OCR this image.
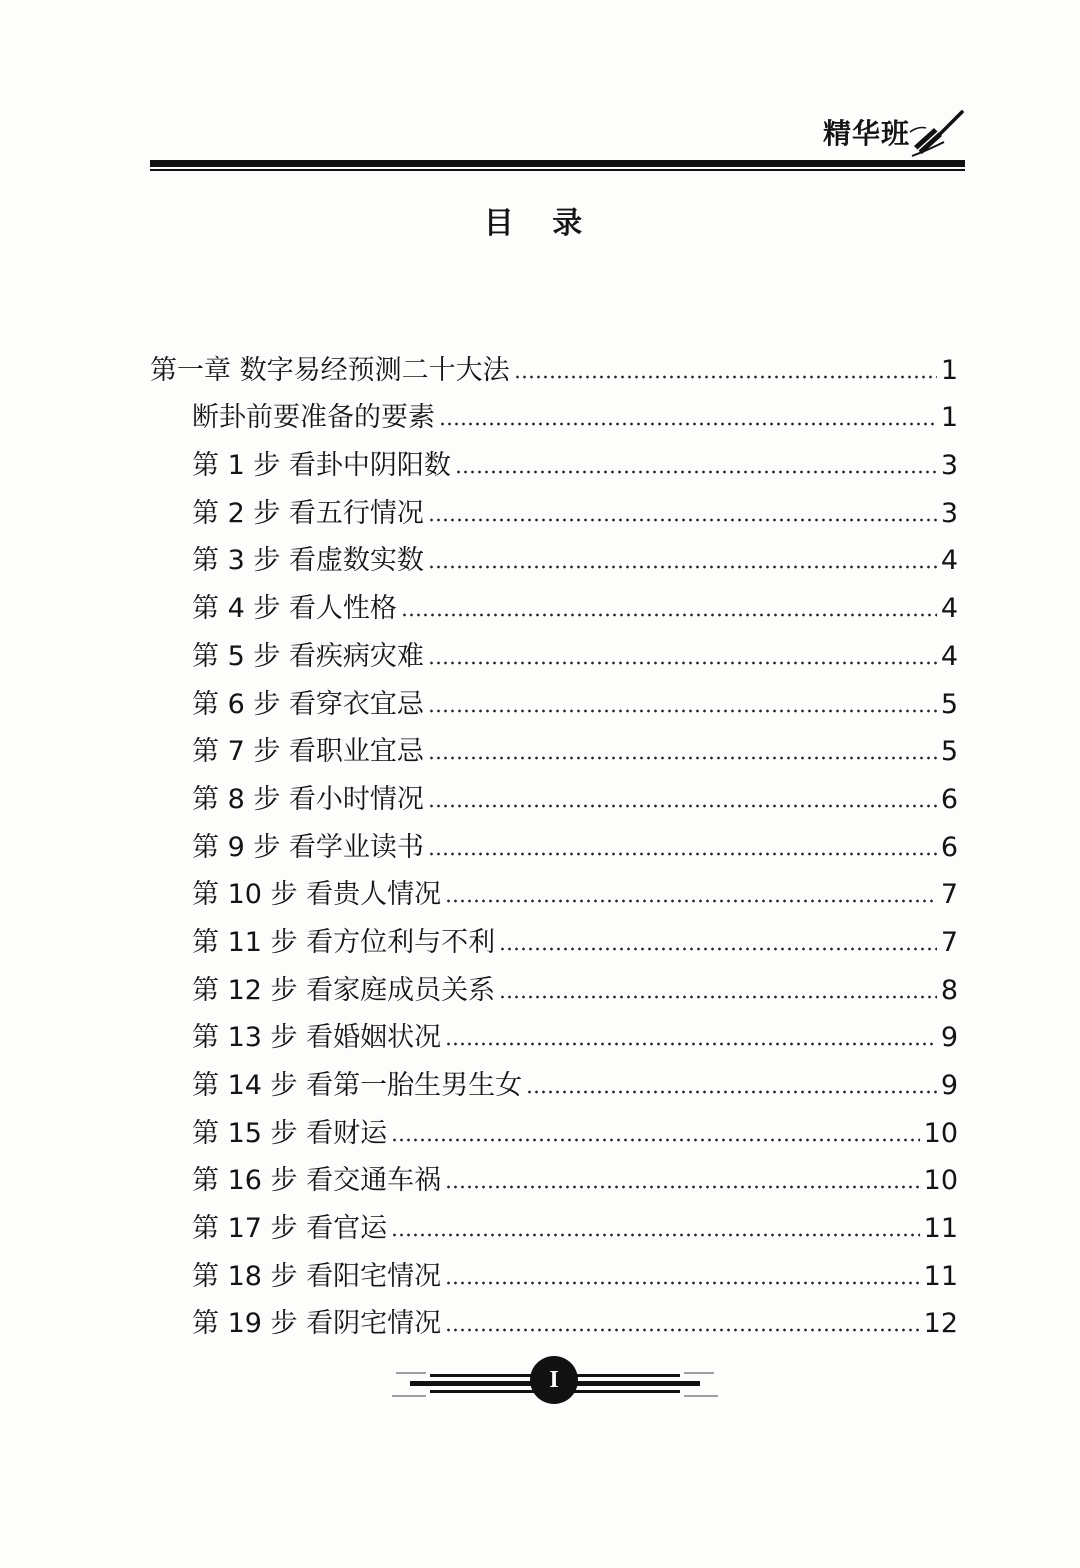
精华班
目 录
第一章 数字易经预测二十大法	1
断卦前要准备的要素	1
第 1 步 看卦中阴阳数	3
第 2 步 看五行情况	3
第 3 步 看虚数实数	4
第 4 步 看人性格	4
第 5 步 看疾病灾难	4
第 6 步 看穿衣宜忌	5
第 7 步 看职业宜忌	5
第 8 步 看小时情况	6
第 9 步 看学业读书	6
第 10 步 看贵人情况	7
第 11 步 看方位利与不利	7
第 12 步 看家庭成员关系	8
第 13 步 看婚姻状况	9
第 14 步 看第一胎生男生女	9
第 15 步 看财运	10
第 16 步 看交通车祸	10
第 17 步 看官运	11
第 18 步 看阳宅情况	11
第 19 步 看阴宅情况	12
I
